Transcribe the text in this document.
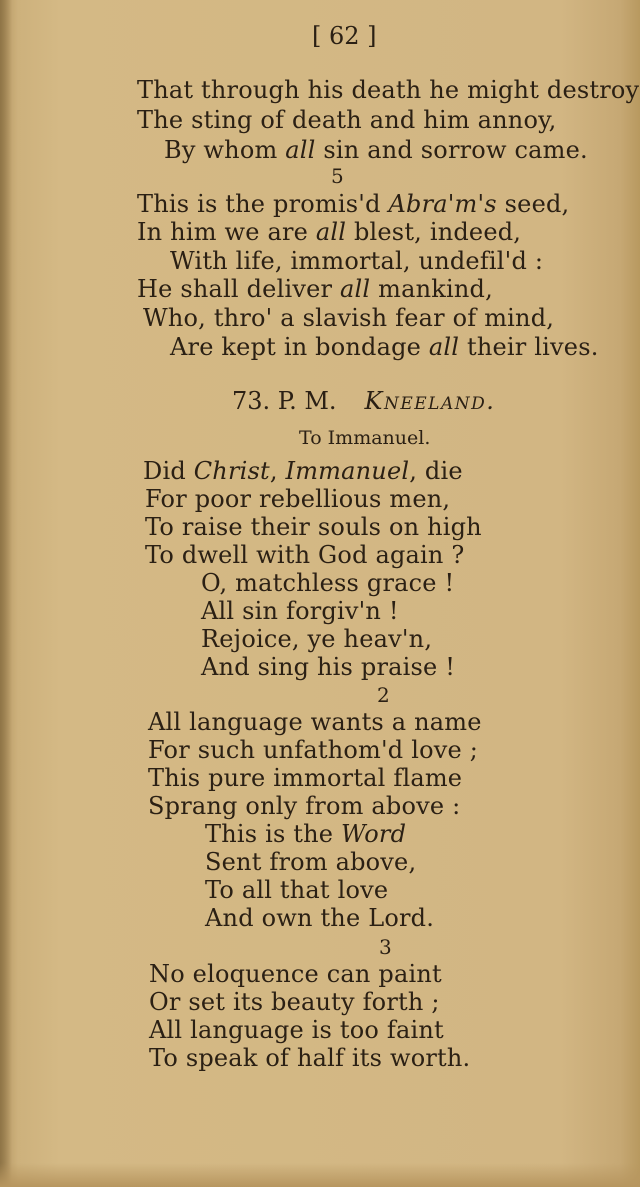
[ 62 ]
That through his death he might destroy
The sting of death and him annoy,
By whom all sin and sorrow came.
5
This is the promis'd Abra'm's seed,
In him we are all blest, indeed,
With life, immortal, undefil'd :
He shall deliver all mankind,
Who, thro' a slavish fear of mind,
Are kept in bondage all their lives.
73. P. M. Kneeland.
To Immanuel.
Did Christ, Immanuel, die
For poor rebellious men,
To raise their souls on high
To dwell with God again ?
O, matchless grace !
All sin forgiv'n !
Rejoice, ye heav'n,
And sing his praise !
2
All language wants a name
For such unfathom'd love ;
This pure immortal flame
Sprang only from above :
This is the Word
Sent from above,
To all that love
And own the Lord.
3
No eloquence can paint
Or set its beauty forth ;
All language is too faint
To speak of half its worth.
